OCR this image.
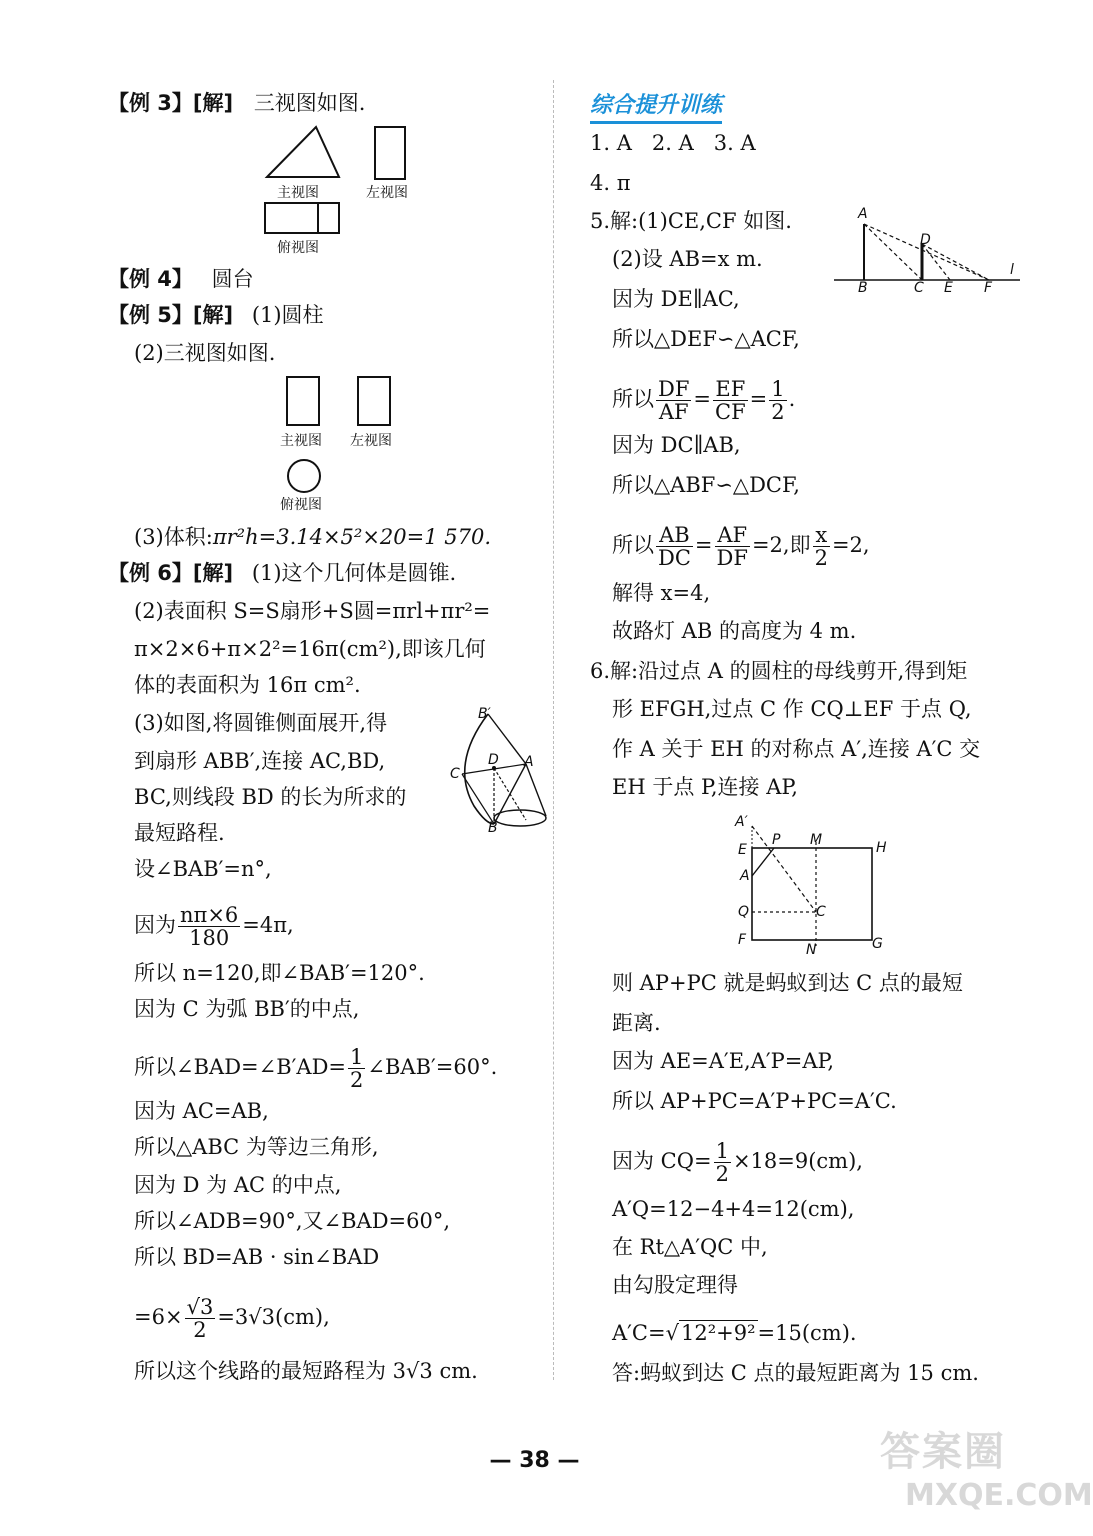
【例 3】[解] 三视图如图.
主视图	左视图
俯视图
【例 4】 圆台
【例 5】[解] (1)圆柱
(2)三视图如图.
主视图 左视图
俯视图
(3)体积:πr²h=3.14×5²×20=1 570.
【例 6】[解] (1)这个几何体是圆锥.
(2)表面积 S=S扇形+S圆=πrl+πr²=
π×2×6+π×2²=16π(cm²),即该几何
体的表面积为 16π cm².
(3)如图,将圆锥侧面展开,得
到扇形 ABB′,连接 AC,BD,
BC,则线段 BD 的长为所求的
最短路程.
B′
D A
C
B
设∠BAB′=n°,
因为 $\frac{n\pi\times 6}{180} =4\pi$,
所以 n=120,即∠BAB′=120°.
因为 C 为弧 BB′的中点,
所以∠BAD=∠B′AD= $\frac{1}{2}$ ∠BAB′=60°.
因为 AC=AB,
所以△ABC 为等边三角形,
因为 D 为 AC 的中点,
所以∠ADB=90°,又∠BAD=60°,
所以 BD=AB · sin∠BAD
$=6\times \frac{√3}{2} =3√3(cm)$,
所以这个线路的最短路程为 3√3 cm.
综合提升训练
1. A   2. A   3. A
4. π
5.解:(1)CE,CF 如图.
(2)设 AB=x m.
因为 DE∥AC,
所以△DEF∽△ACF,
A
D
l
B	C E F
所以 $\frac{DF}{AF} = \frac{EF}{CF} = \frac{1}{2}$ .
因为 DC∥AB,
所以△ABF∽△DCF,
所以 $\frac{AB}{DC} = \frac{AF}{DF} =2$,即 $\frac{x}{2} =2$,
解得 x=4,
故路灯 AB 的高度为 4 m.
6.解:沿过点 A 的圆柱的母线剪开,得到矩
形 EFGH,过点 C 作 CQ⊥EF 于点 Q,
作 A 关于 EH 的对称点 A′,连接 A′C 交
EH 于点 P,连接 AP,
A′
P M	H
E
A
Q	C
F
N	G
则 AP+PC 就是蚂蚁到达 C 点的最短
距离.
因为 AE=A′E,A′P=AP,
所以 AP+PC=A′P+PC=A′C.
因为 $CQ= \frac{1}{2} \times 18=9(cm)$,
A′Q=12−4+4=12(cm),
在 Rt△A′QC 中,
由勾股定理得
A′C=√12²+9²=15(cm).
答:蚂蚁到达 C 点的最短距离为 15 cm.
— 38 —	答案圈
MXQE.COM
